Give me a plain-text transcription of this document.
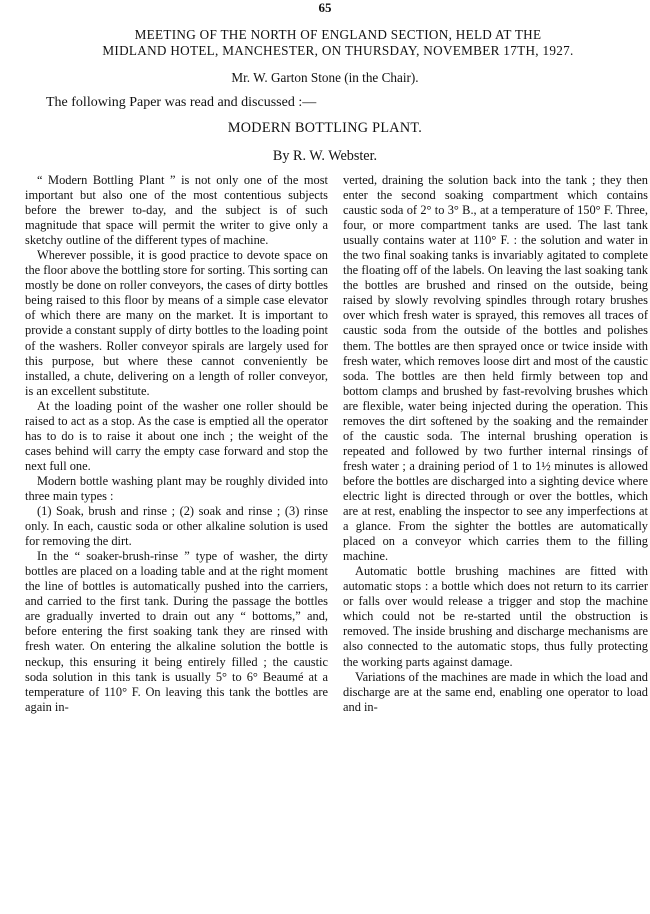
65
MEETING OF THE NORTH OF ENGLAND SECTION, HELD AT THE
MIDLAND HOTEL, MANCHESTER, ON THURSDAY, NOVEMBER 17TH, 1927.
Mr. W. Garton Stone (in the Chair).
The following Paper was read and discussed :—
MODERN BOTTLING PLANT.
By R. W. Webster.

“ Modern Bottling Plant ” is not only one of the most important but also one of the most contentious subjects before the brewer to-day, and the subject is of such magnitude that space will permit the writer to give only a sketchy outline of the different types of machine.

Wherever possible, it is good practice to devote space on the floor above the bottling store for sorting. This sorting can mostly be done on roller conveyors, the cases of dirty bottles being raised to this floor by means of a simple case elevator of which there are many on the market. It is important to provide a constant supply of dirty bottles to the loading point of the washers. Roller conveyor spirals are largely used for this purpose, but where these cannot conveniently be installed, a chute, delivering on a length of roller conveyor, is an excellent substitute.

At the loading point of the washer one roller should be raised to act as a stop. As the case is emptied all the operator has to do is to raise it about one inch ; the weight of the cases behind will carry the empty case forward and stop the next full one.

Modern bottle washing plant may be roughly divided into three main types :

(1) Soak, brush and rinse ; (2) soak and rinse ; (3) rinse only. In each, caustic soda or other alkaline solution is used for removing the dirt.

In the “ soaker-brush-rinse ” type of washer, the dirty bottles are placed on a loading table and at the right moment the line of bottles is automatically pushed into the carriers, and carried to the first tank. During the passage the bottles are gradually inverted to drain out any “ bottoms,” and, before entering the first soaking tank they are rinsed with fresh water. On entering the alkaline solution the bottle is neckup, this ensuring it being entirely filled ; the caustic soda solution in this tank is usually 5° to 6° Beaumé at a temperature of 110° F. On leaving this tank the bottles are again in-

verted, draining the solution back into the tank ; they then enter the second soaking compartment which contains caustic soda of 2° to 3° B., at a temperature of 150° F. Three, four, or more compartment tanks are used. The last tank usually contains water at 110° F. : the solution and water in the two final soaking tanks is invariably agitated to complete the floating off of the labels. On leaving the last soaking tank the bottles are brushed and rinsed on the outside, being raised by slowly revolving spindles through rotary brushes over which fresh water is sprayed, this removes all traces of caustic soda from the outside of the bottles and polishes them. The bottles are then sprayed once or twice inside with fresh water, which removes loose dirt and most of the caustic soda. The bottles are then held firmly between top and bottom clamps and brushed by fast-revolving brushes which are flexible, water being injected during the operation. This removes the dirt softened by the soaking and the remainder of the caustic soda. The internal brushing operation is repeated and followed by two further internal rinsings of fresh water ; a draining period of 1 to 1½ minutes is allowed before the bottles are discharged into a sighting device where electric light is directed through or over the bottles, which are at rest, enabling the inspector to see any imperfections at a glance. From the sighter the bottles are automatically placed on a conveyor which carries them to the filling machine.

Automatic bottle brushing machines are fitted with automatic stops : a bottle which does not return to its carrier or falls over would release a trigger and stop the machine which could not be re-started until the obstruction is removed. The inside brushing and discharge mechanisms are also connected to the automatic stops, thus fully protecting the working parts against damage.

Variations of the machines are made in which the load and discharge are at the same end, enabling one operator to load and in-
